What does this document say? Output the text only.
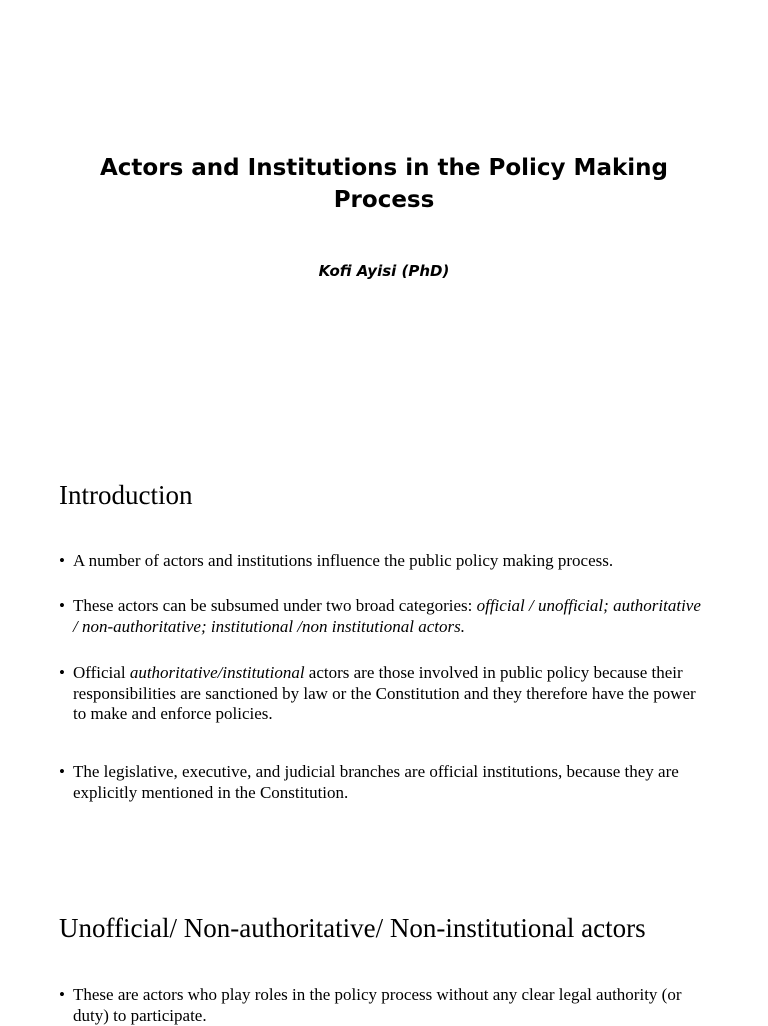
Actors and Institutions in the Policy Making Process
Kofi Ayisi (PhD)
Introduction
• A number of actors and institutions influence the public policy making process.
• These actors can be subsumed under two broad categories: official / unofficial; authoritative / non-authoritative; institutional /non institutional actors.
• Official authoritative/institutional actors are those involved in public policy because their responsibilities are sanctioned by law or the Constitution and they therefore have the power to make and enforce policies.
• The legislative, executive, and judicial branches are official institutions, because they are explicitly mentioned in the Constitution.
Unofficial/ Non-authoritative/ Non-institutional actors
• These are actors who play roles in the policy process without any clear legal authority (or duty) to participate.
